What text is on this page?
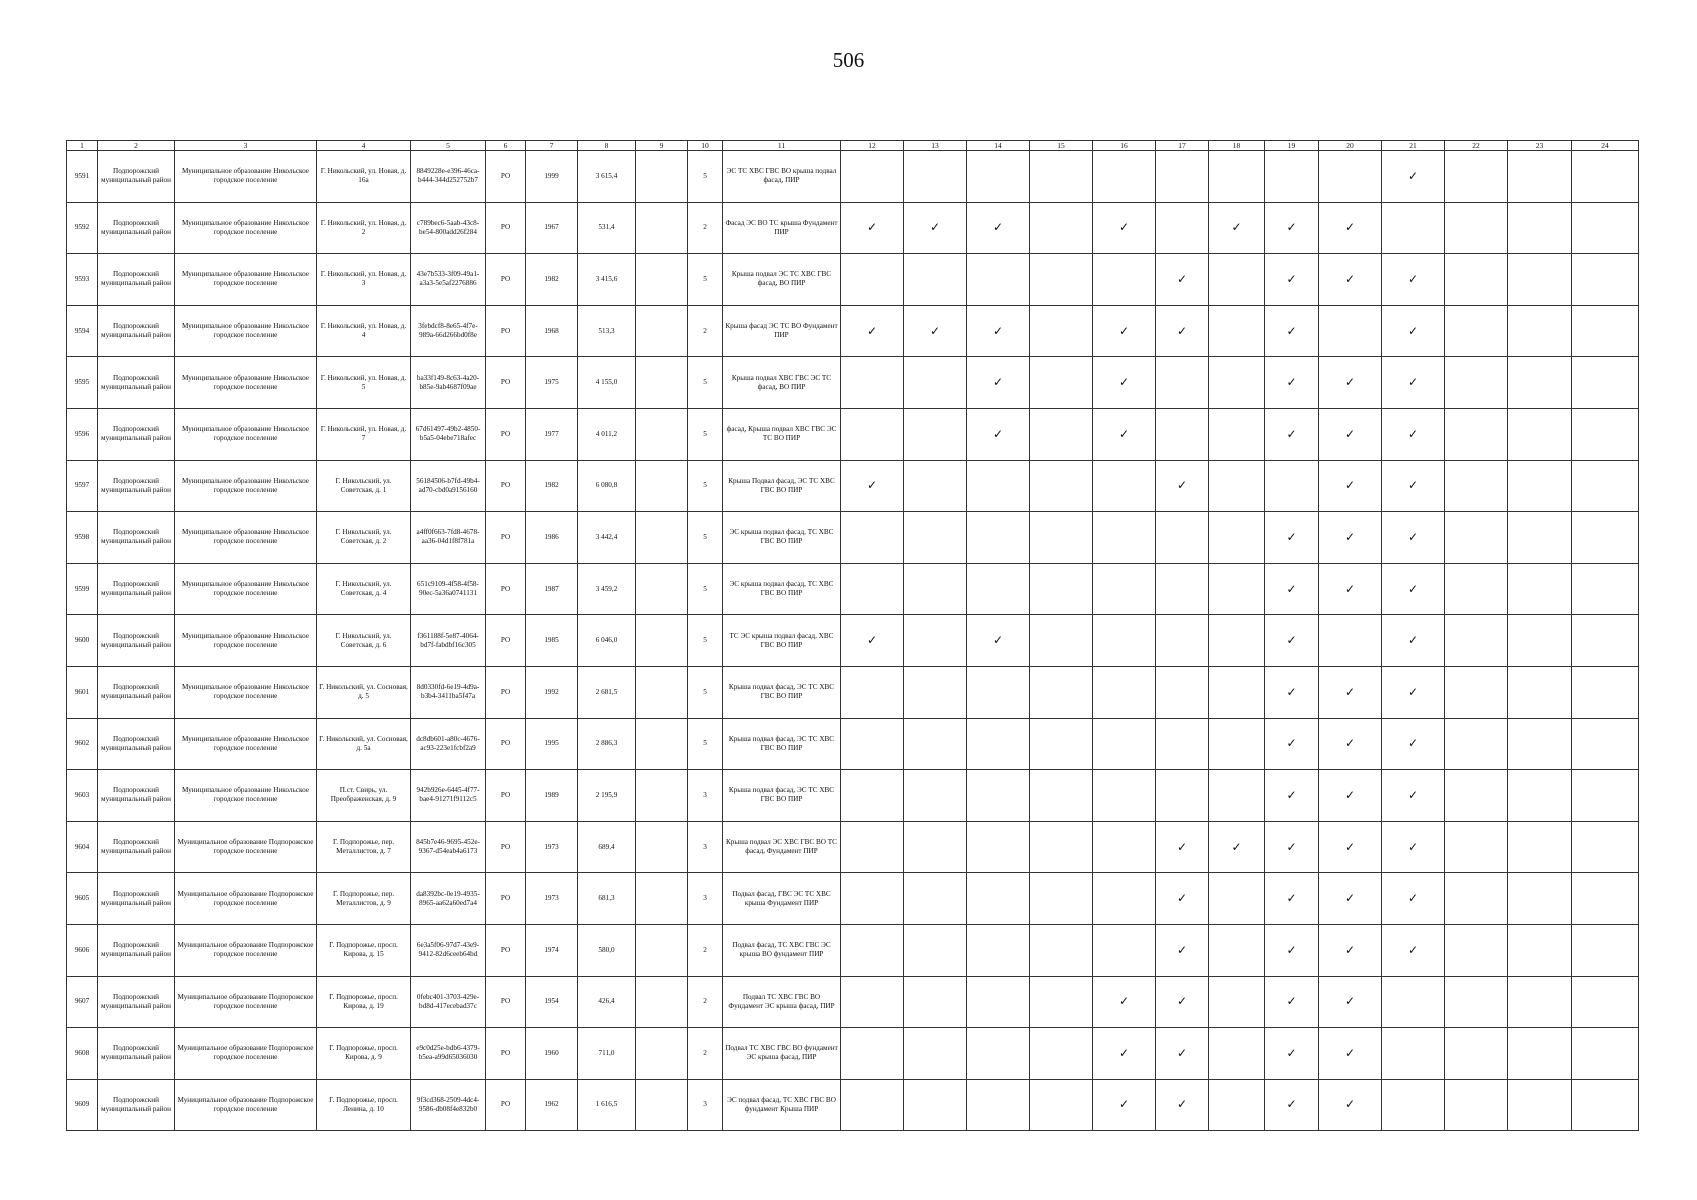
506
1	2	3	4	5	6	7	8	9	10	11	12	13	14	15	16	17	18	19	20	21	22	23	24
9591	Подпорожский муниципальный район	Муниципальное образование Никольское городское поселение	Г. Никольский, ул. Новая, д. 16а	8849228e-e396-46ca-b444-344d252752b7	РО	1999	3 615,4		5	ЭС ТС ХВС ГВС ВО крыша подвал фасад, ПИР										✓			
9592	Подпорожский муниципальный район	Муниципальное образование Никольское городское поселение	Г. Никольский, ул. Новая, д. 2	c789bec6-5aab-43c8-be54-800add26f284	РО	1967	531,4		2	Фасад ЭС ВО ТС крыша Фундамент ПИР	✓	✓	✓		✓		✓	✓	✓				
9593	Подпорожский муниципальный район	Муниципальное образование Никольское городское поселение	Г. Никольский, ул. Новая, д. 3	43e7b533-3f09-49a1-a3a3-5e5af2276886	РО	1982	3 415,6		5	Крыша подвал ЭС ТС ХВС ГВС фасад, ВО ПИР						✓		✓	✓	✓			
9594	Подпорожский муниципальный район	Муниципальное образование Никольское городское поселение	Г. Никольский, ул. Новая, д. 4	3febdcf8-8e65-4f7e-989a-66d266bd0f8e	РО	1968	513,3		2	Крыша фасад ЭС ТС ВО Фундамент ПИР	✓	✓	✓		✓	✓		✓		✓			
9595	Подпорожский муниципальный район	Муниципальное образование Никольское городское поселение	Г. Никольский, ул. Новая, д. 5	ba33f149-8c63-4a20-b85e-9ab4687f09ae	РО	1975	4 155,0		5	Крыша подвал ХВС ГВС ЭС ТС фасад, ВО ПИР			✓		✓			✓	✓	✓			
9596	Подпорожский муниципальный район	Муниципальное образование Никольское городское поселение	Г. Никольский, ул. Новая, д. 7	67d61497-49b2-4850-b5a5-04ebe718afec	РО	1977	4 011,2		5	фасад, Крыша подвал ХВС ГВС ЭС ТС ВО ПИР			✓		✓			✓	✓	✓			
9597	Подпорожский муниципальный район	Муниципальное образование Никольское городское поселение	Г. Никольский, ул. Советская, д. 1	56184506-b7fd-49b4-ad70-cbd0a9156160	РО	1982	6 080,8		5	Крыша Подвал фасад, ЭС ТС ХВС ГВС ВО ПИР	✓					✓			✓	✓			
9598	Подпорожский муниципальный район	Муниципальное образование Никольское городское поселение	Г. Никольский, ул. Советская, д. 2	a4ff0f663-7fd8-4678-aa36-04d1f8f781a	РО	1986	3 442,4		5	ЭС крыша подвал фасад, ТС ХВС ГВС ВО ПИР								✓	✓	✓			
9599	Подпорожский муниципальный район	Муниципальное образование Никольское городское поселение	Г. Никольский, ул. Советская, д. 4	651c9109-4f58-4f58-90ec-5a36a0741131	РО	1987	3 459,2		5	ЭС крыша подвал фасад, ТС ХВС ГВС ВО ПИР								✓	✓	✓			
9600	Подпорожский муниципальный район	Муниципальное образование Никольское городское поселение	Г. Никольский, ул. Советская, д. 6	f361188f-5e87-4064-bd7f-fabdbf16c305	РО	1985	6 046,0		5	ТС ЭС крыша подвал фасад, ХВС ГВС ВО ПИР	✓		✓					✓		✓			
9601	Подпорожский муниципальный район	Муниципальное образование Никольское городское поселение	Г. Никольский, ул. Сосновая, д. 5	8d0330fd-6e19-4d9a-b3b4-3411ba5f47a	РО	1992	2 681,5		5	Крыша подвал фасад, ЭС ТС ХВС ГВС ВО ПИР								✓	✓	✓			
9602	Подпорожский муниципальный район	Муниципальное образование Никольское городское поселение	Г. Никольский, ул. Сосновая, д. 5а	dc8db601-a80c-4676-ac93-223e1fcbf2a9	РО	1995	2 886,3		5	Крыша подвал фасад, ЭС ТС ХВС ГВС ВО ПИР								✓	✓	✓			
9603	Подпорожский муниципальный район	Муниципальное образование Никольское городское поселение	П.ст. Свирь, ул. Преображенская, д. 9	942b926e-6445-4f77-bae4-91271f9112c5	РО	1989	2 195,9		3	Крыша подвал фасад, ЭС ТС ХВС ГВС ВО ПИР								✓	✓	✓			
9604	Подпорожский муниципальный район	Муниципальное образование Подпорожское городское поселение	Г. Подпорожье, пер. Металлистов, д. 7	845b7e46-9695-452e-9367-d54eab4a6173	РО	1973	689,4		3	Крыша подвал ЭС ХВС ГВС ВО ТС фасад, Фундамент ПИР						✓	✓	✓	✓	✓			
9605	Подпорожский муниципальный район	Муниципальное образование Подпорожское городское поселение	Г. Подпорожье, пер. Металлистов, д. 9	da8392bc-0e19-4935-8965-aa62a60ed7a4	РО	1973	681,3		3	Подвал фасад, ГВС ЭС ТС ХВС крыша Фундамент ПИР						✓		✓	✓	✓			
9606	Подпорожский муниципальный район	Муниципальное образование Подпорожское городское поселение	Г. Подпорожье, просп. Кирова, д. 15	6e3a5f06-97d7-43e9-9412-82d6ceeb64bd	РО	1974	580,0		2	Подвал фасад, ТС ХВС ГВС ЭС крыша ВО фундамент ПИР						✓		✓	✓	✓			
9607	Подпорожский муниципальный район	Муниципальное образование Подпорожское городское поселение	Г. Подпорожье, просп. Кирова, д. 19	0febc401-3703-429e-bd8d-417ecebad37c	РО	1954	426,4		2	Подвал ТС ХВС ГВС ВО Фундамент ЭС крыша фасад, ПИР					✓	✓		✓	✓				
9608	Подпорожский муниципальный район	Муниципальное образование Подпорожское городское поселение	Г. Подпорожье, просп. Кирова, д. 9	e9c0d25e-bdb6-4379-b5ea-a99d65036030	РО	1960	711,0		2	Подвал ТС ХВС ГВС ВО фундамент ЭС крыша фасад, ПИР					✓	✓		✓	✓				
9609	Подпорожский муниципальный район	Муниципальное образование Подпорожское городское поселение	Г. Подпорожье, просп. Ленина, д. 10	9f3cd368-2509-4dc4-9586-db08f4e832b0	РО	1962	1 616,5		3	ЭС подвал фасад, ТС ХВС ГВС ВО фундамент Крыша ПИР					✓	✓		✓	✓				
